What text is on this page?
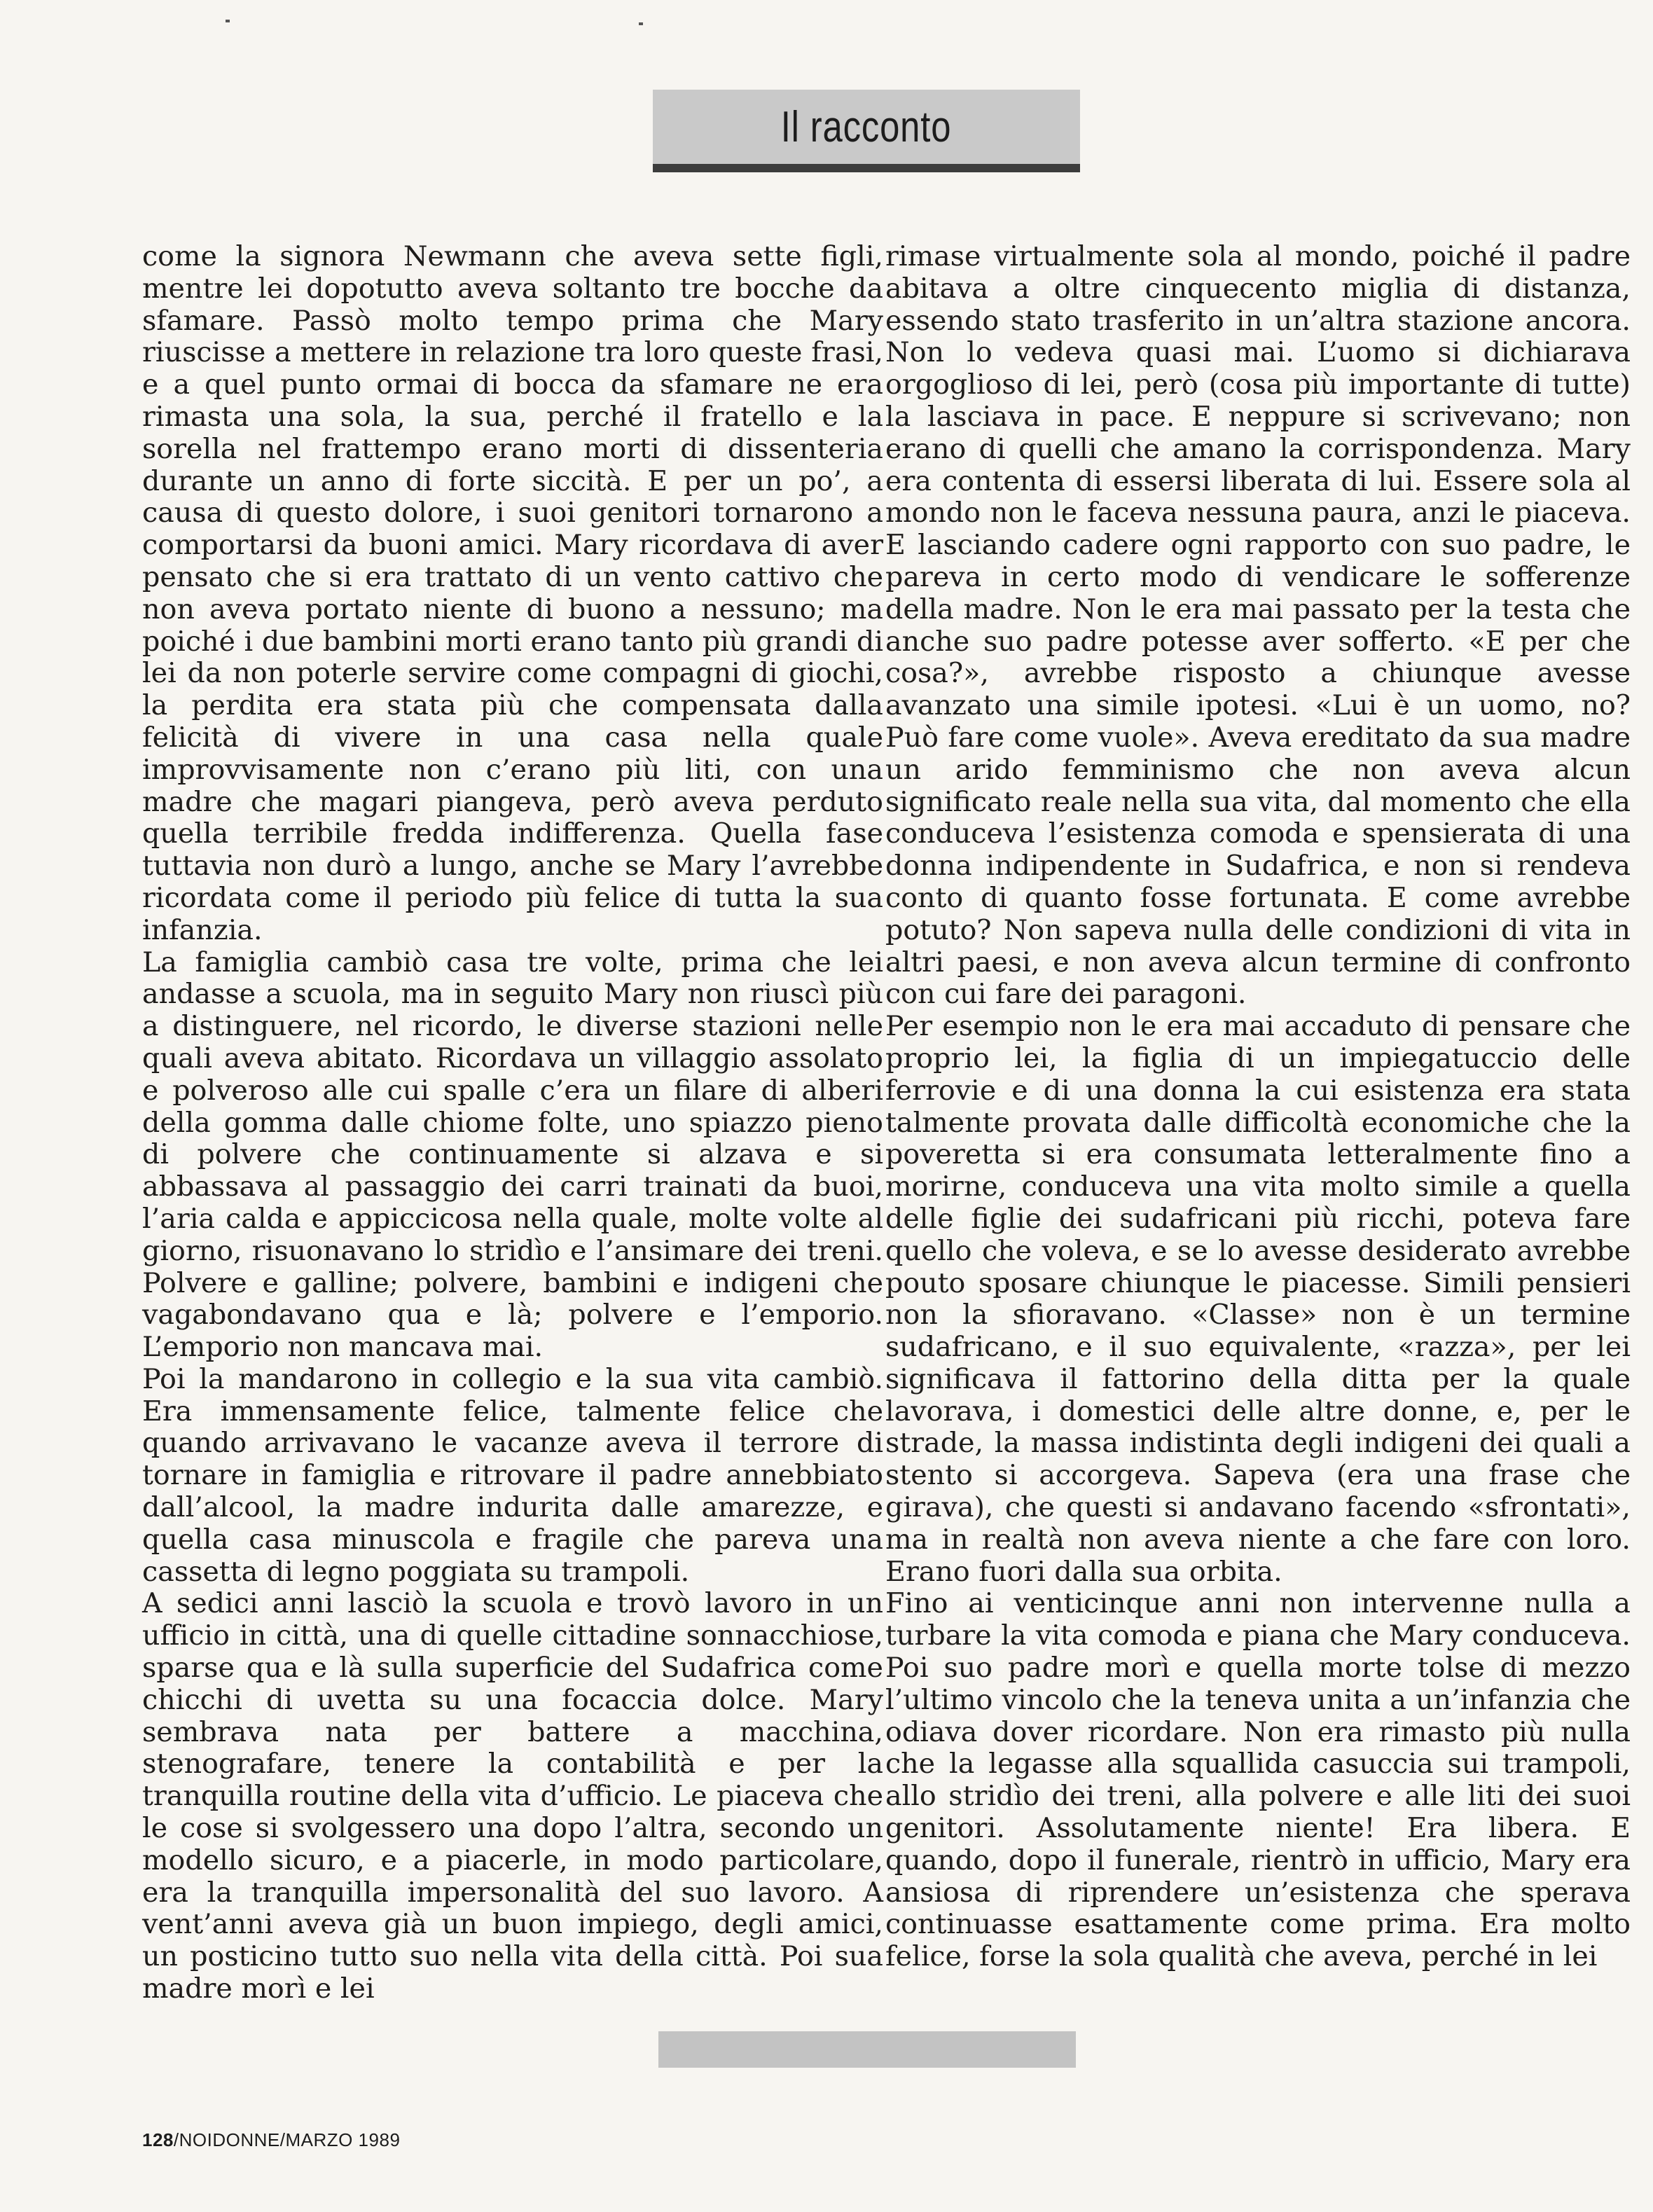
Il racconto

come la signora Newmann che aveva sette figli, mentre lei dopotutto aveva soltanto tre bocche da sfamare. Passò molto tempo prima che Mary riuscisse a mettere in relazione tra loro queste frasi, e a quel punto ormai di bocca da sfamare ne era rimasta una sola, la sua, perché il fratello e la sorella nel frattempo erano morti di dissenteria durante un anno di forte siccità. E per un po’, a causa di questo dolore, i suoi genitori tornarono a comportarsi da buoni amici. Mary ricordava di aver pensato che si era trattato di un vento cattivo che non aveva portato niente di buono a nessuno; ma poiché i due bambini morti erano tanto più grandi di lei da non poterle servire come compagni di giochi, la perdita era stata più che compensata dalla felicità di vivere in una casa nella quale improvvisamente non c’erano più liti, con una madre che magari piangeva, però aveva perduto quella terribile fredda indifferenza. Quella fase tuttavia non durò a lungo, anche se Mary l’avrebbe ricordata come il periodo più felice di tutta la sua infanzia.

La famiglia cambiò casa tre volte, prima che lei andasse a scuola, ma in seguito Mary non riuscì più a distinguere, nel ricordo, le diverse stazioni nelle quali aveva abitato. Ricordava un villaggio assolato e polveroso alle cui spalle c’era un filare di alberi della gomma dalle chiome folte, uno spiazzo pieno di polvere che continuamente si alzava e si abbassava al passaggio dei carri trainati da buoi, l’aria calda e appiccicosa nella quale, molte volte al giorno, risuonavano lo stridìo e l’ansimare dei treni. Polvere e galline; polvere, bambini e indigeni che vagabondavano qua e là; polvere e l’emporio. L’emporio non mancava mai.

Poi la mandarono in collegio e la sua vita cambiò. Era immensamente felice, talmente felice che quando arrivavano le vacanze aveva il terrore di tornare in famiglia e ritrovare il padre annebbiato dall’alcool, la madre indurita dalle amarezze, e quella casa minuscola e fragile che pareva una cassetta di legno poggiata su trampoli.

A sedici anni lasciò la scuola e trovò lavoro in un ufficio in città, una di quelle cittadine sonnacchiose, sparse qua e là sulla superficie del Sudafrica come chicchi di uvetta su una focaccia dolce. Mary sembrava nata per battere a macchina, stenografare, tenere la contabilità e per la tranquilla routine della vita d’ufficio. Le piaceva che le cose si svolgessero una dopo l’altra, secondo un modello sicuro, e a piacerle, in modo particolare, era la tranquilla impersonalità del suo lavoro. A vent’anni aveva già un buon impiego, degli amici, un posticino tutto suo nella vita della città. Poi sua madre morì e lei

rimase virtualmente sola al mondo, poiché il padre abitava a oltre cinquecento miglia di distanza, essendo stato trasferito in un’altra stazione ancora. Non lo vedeva quasi mai. L’uomo si dichiarava orgoglioso di lei, però (cosa più importante di tutte) la lasciava in pace. E neppure si scrivevano; non erano di quelli che amano la corrispondenza. Mary era contenta di essersi liberata di lui. Essere sola al mondo non le faceva nessuna paura, anzi le piaceva. E lasciando cadere ogni rapporto con suo padre, le pareva in certo modo di vendicare le sofferenze della madre. Non le era mai passato per la testa che anche suo padre potesse aver sofferto. «E per che cosa?», avrebbe risposto a chiunque avesse avanzato una simile ipotesi. «Lui è un uomo, no? Può fare come vuole». Aveva ereditato da sua madre un arido femminismo che non aveva alcun significato reale nella sua vita, dal momento che ella conduceva l’esistenza comoda e spensierata di una donna indipendente in Sudafrica, e non si rendeva conto di quanto fosse fortunata. E come avrebbe potuto? Non sapeva nulla delle condizioni di vita in altri paesi, e non aveva alcun termine di confronto con cui fare dei paragoni.

Per esempio non le era mai accaduto di pensare che proprio lei, la figlia di un impiegatuccio delle ferrovie e di una donna la cui esistenza era stata talmente provata dalle difficoltà economiche che la poveretta si era consumata letteralmente fino a morirne, conduceva una vita molto simile a quella delle figlie dei sudafricani più ricchi, poteva fare quello che voleva, e se lo avesse desiderato avrebbe pouto sposare chiunque le piacesse. Simili pensieri non la sfioravano. «Classe» non è un termine sudafricano, e il suo equivalente, «razza», per lei significava il fattorino della ditta per la quale lavorava, i domestici delle altre donne, e, per le strade, la massa indistinta degli indigeni dei quali a stento si accorgeva. Sapeva (era una frase che girava), che questi si andavano facendo «sfrontati», ma in realtà non aveva niente a che fare con loro. Erano fuori dalla sua orbita.

Fino ai venticinque anni non intervenne nulla a turbare la vita comoda e piana che Mary conduceva. Poi suo padre morì e quella morte tolse di mezzo l’ultimo vincolo che la teneva unita a un’infanzia che odiava dover ricordare. Non era rimasto più nulla che la legasse alla squallida casuccia sui trampoli, allo stridìo dei treni, alla polvere e alle liti dei suoi genitori. Assolutamente niente! Era libera. E quando, dopo il funerale, rientrò in ufficio, Mary era ansiosa di riprendere un’esistenza che sperava continuasse esattamente come prima. Era molto felice, forse la sola qualità che aveva, perché in lei

128/NOIDONNE/MARZO 1989
